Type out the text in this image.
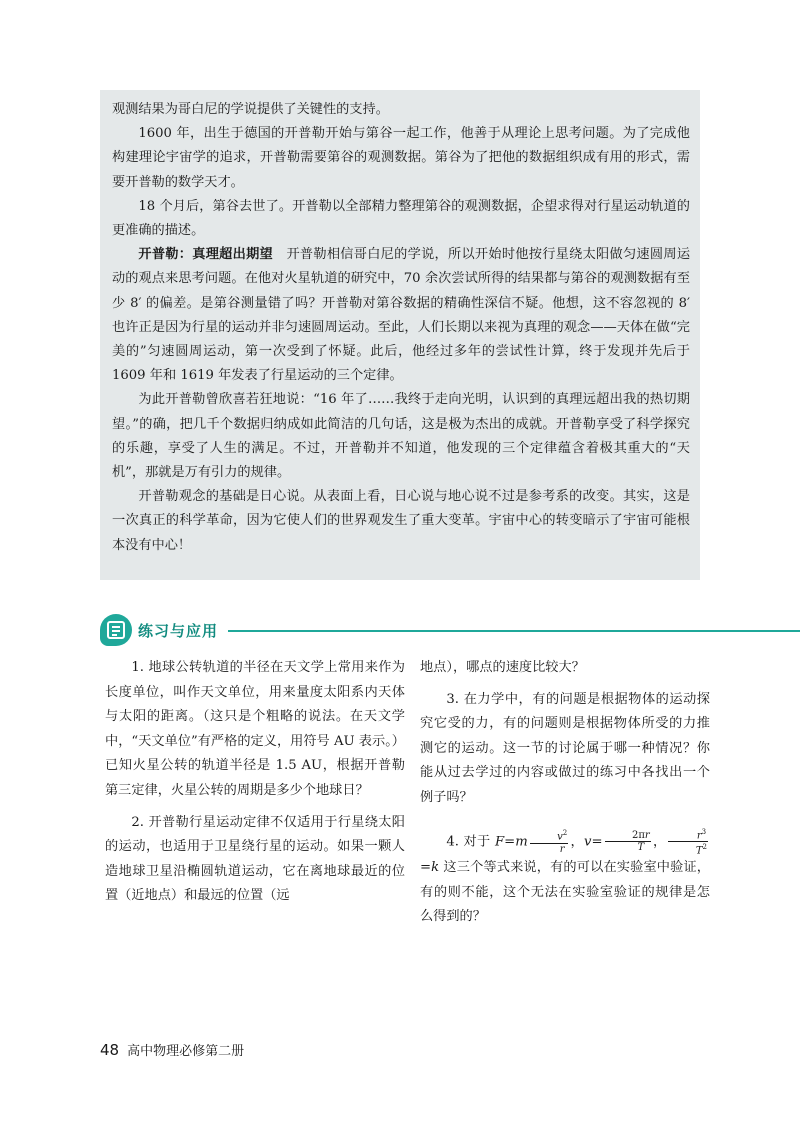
观测结果为哥白尼的学说提供了关键性的支持。

1600 年，出生于德国的开普勒开始与第谷一起工作，他善于从理论上思考问题。为了完成他构建理论宇宙学的追求，开普勒需要第谷的观测数据。第谷为了把他的数据组织成有用的形式，需要开普勒的数学天才。

18 个月后，第谷去世了。开普勒以全部精力整理第谷的观测数据，企望求得对行星运动轨道的更准确的描述。

开普勒：真理超出期望 开普勒相信哥白尼的学说，所以开始时他按行星绕太阳做匀速圆周运动的观点来思考问题。在他对火星轨道的研究中，70 余次尝试所得的结果都与第谷的观测数据有至少 8′ 的偏差。是第谷测量错了吗？开普勒对第谷数据的精确性深信不疑。他想，这不容忽视的 8′ 也许正是因为行星的运动并非匀速圆周运动。至此，人们长期以来视为真理的观念——天体在做“完美的”匀速圆周运动，第一次受到了怀疑。此后，他经过多年的尝试性计算，终于发现并先后于 1609 年和 1619 年发表了行星运动的三个定律。

为此开普勒曾欣喜若狂地说：“16 年了……我终于走向光明，认识到的真理远超出我的热切期望。”的确，把几千个数据归纳成如此简洁的几句话，这是极为杰出的成就。开普勒享受了科学探究的乐趣，享受了人生的满足。不过，开普勒并不知道，他发现的三个定律蕴含着极其重大的“天机”，那就是万有引力的规律。

开普勒观念的基础是日心说。从表面上看，日心说与地心说不过是参考系的改变。其实，这是一次真正的科学革命，因为它使人们的世界观发生了重大变革。宇宙中心的转变暗示了宇宙可能根本没有中心！

练习与应用

1. 地球公转轨道的半径在天文学上常用来作为长度单位，叫作天文单位，用来量度太阳系内天体与太阳的距离。（这只是个粗略的说法。在天文学中，“天文单位”有严格的定义，用符号 AU 表示。）已知火星公转的轨道半径是 1.5 AU，根据开普勒第三定律，火星公转的周期是多少个地球日？

2. 开普勒行星运动定律不仅适用于行星绕太阳的运动，也适用于卫星绕行星的运动。如果一颗人造地球卫星沿椭圆轨道运动，它在离地球最近的位置（近地点）和最远的位置（远

地点），哪点的速度比较大？

3. 在力学中，有的问题是根据物体的运动探究它受的力，有的问题则是根据物体所受的力推测它的运动。这一节的讨论属于哪一种情况？你能从过去学过的内容或做过的练习中各找出一个例子吗？

4. 对于 $F=m \frac{v^2}{r}$ ，$v= \frac{2\pi r}{T}$ ， $\frac{r^3}{T^2}$
=k 这三个等式来说，有的可以在实验室中验证，有的则不能，这个无法在实验室验证的规律是怎么得到的？

48 高中物理必修第二册
